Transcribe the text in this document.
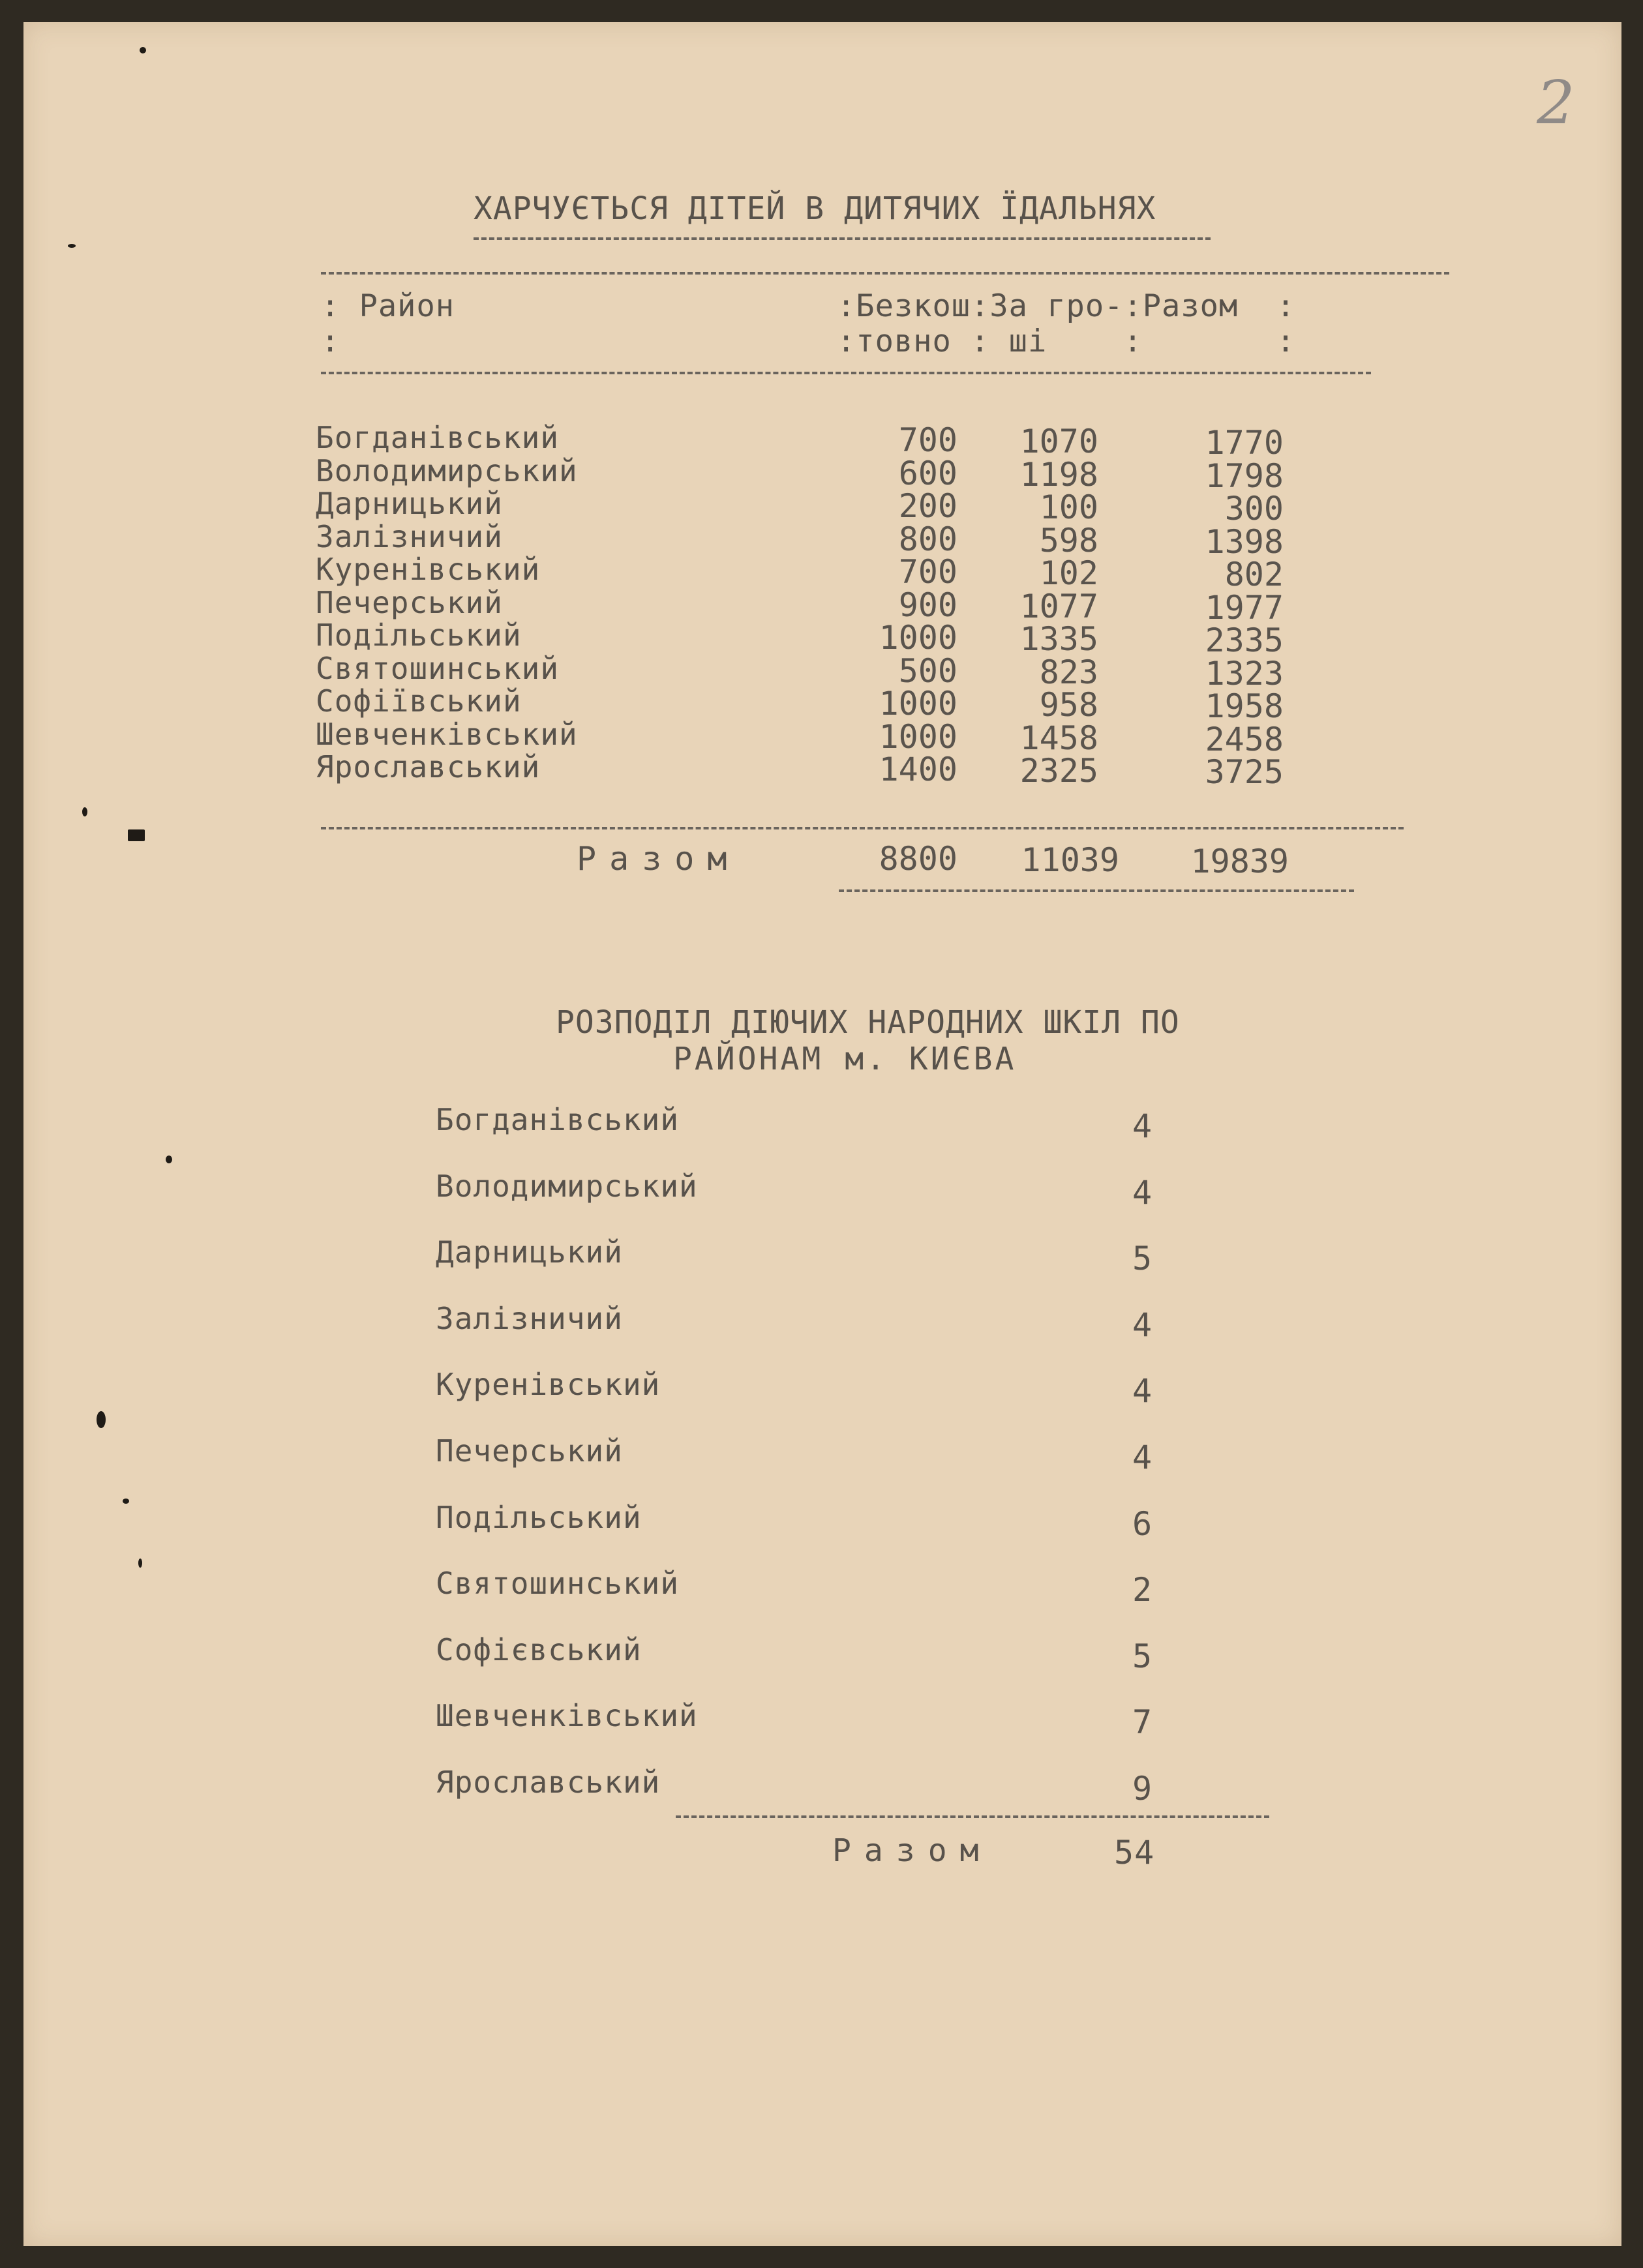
2
ХАРЧУЄТЬСЯ ДІТЕЙ В ДИТЯЧИХ ЇДАЛЬНЯХ
: Район                    :Безкош:За гро-:Разом  :
:                          :товно : ші    :       :
Богданівський	700	1070	1770
Володимирський	600	1198	1798
Дарницький	200	100	300
Залізничий	800	598	1398
Куренівський	700	102	802
Печерський	900	1077	1977
Подільський	1000	1335	2335
Святошинський	500	823	1323
Софіївський	1000	958	1958
Шевченківський	1000	1458	2458
Ярославський	1400	2325	3725
Разом	8800	11039	19839
РОЗПОДІЛ ДІЮЧИХ НАРОДНИХ ШКІЛ ПО
РАЙОНАМ м. КИЄВА
Богданівський	4
Володимирський	4
Дарницький	5
Залізничий	4
Куренівський	4
Печерський	4
Подільський	6
Святошинський	2
Софієвський	5
Шевченківський	7
Ярославський	9
Разом	54
